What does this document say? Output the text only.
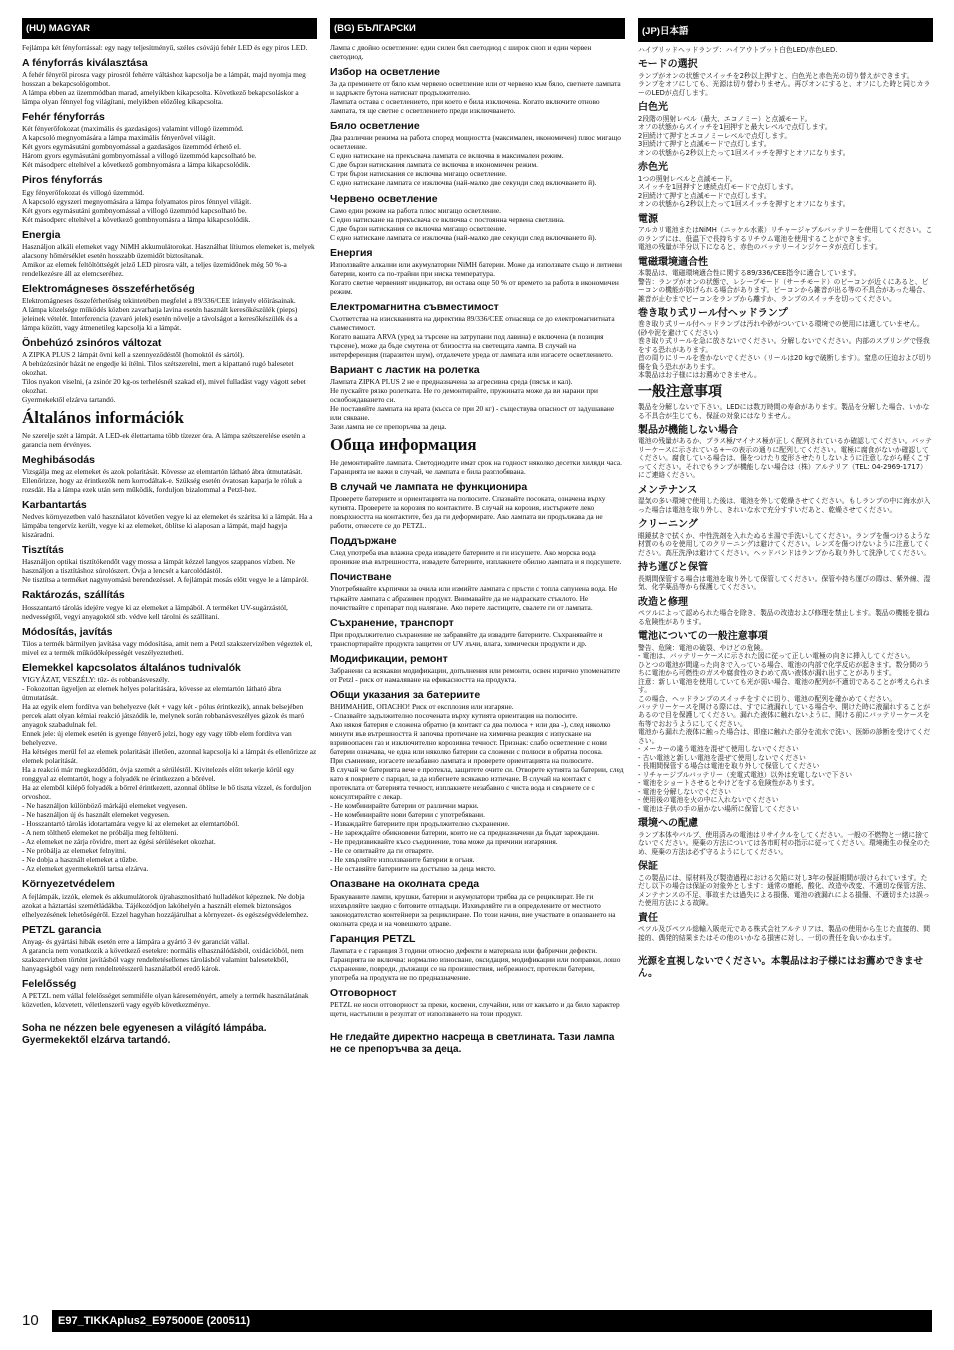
(HU) MAGYAR

Fejlámpa két fényforrással: egy nagy teljesítményű, széles csóvájú fehér LED és egy piros LED.

A fényforrás kiválasztása

A fehér fényről pirosra vagy pirosról fehérre váltáshoz kapcsolja be a lámpát, majd nyomja meg hosszan a bekapcsológombot.
A lámpa ebben az üzemmódban marad, amelyikben kikapcsolta. Következő bekapcsoláskor a lámpa olyan fénnyel fog világítani, melyikben előzőleg kikapcsolta.

Fehér fényforrás

Két fényerőfokozat (maximális és gazdaságos) valamint villogó üzemmód.
A kapcsoló megnyomására a lámpa maximális fényerővel világít.
Két gyors egymásutáni gombnyomással a gazdaságos üzemmód érhető el.
Három gyors egymásutáni gombnyomással a villogó üzemmód kapcsolható be.
Két másodperc elteltével a következő gombnyomásra a lámpa kikapcsolódik.

Piros fényforrás

Egy fényerőfokozat és villogó üzemmód.
A kapcsoló egyszeri megnyomására a lámpa folyamatos piros fénnyel világít.
Két gyors egymásutáni gombnyomással a villogó üzemmód kapcsolható be.
Két másodperc elteltével a következő gombnyomásra a lámpa kikapcsolódik.

Energia

Használjon alkáli elemeket vagy NiMH akkumulátorokat. Használhat lítiumos elemeket is, melyek alacsony hőmérséklet esetén hosszabb üzemidőt biztosítanak.
Amikor az elemek feltöltöttségét jelző LED pirosra vált, a teljes üzemidőnek még 50 %-a rendelkezésre áll az elemcseréhez.

Elektromágneses összeférhetőség

Elektromágneses összeférhetőség tekintetében megfelel a 89/336/CEE irányelv előírásainak.
A lámpa közelsége működés közben zavarhatja lavina esetén használt keresőkészülék (pieps) jeleinek vételét. Interferencia (zavaró jelek) esetén növelje a távolságot a keresőkészülék és a lámpa között, vagy átmenetileg kapcsolja ki a lámpát.

Önbehúzó zsinóros változat

A ZIPKA PLUS 2 lámpát ővni kell a szennyeződéstől (homoktól és sártól).
A behúzózsinór házát ne engedje ki ítélni. Tilos szétszerelni, mert a kipattanó rugó balesetet okozhat.
Tilos nyakon viselni, (a zsinór 20 kg-os terhelésnél szakad el), mivel fulladást vagy vágott sebet okozhat.
Gyermekektől elzárva tartandó.

Általános információk

Ne szerelje szét a lámpát. A LED-ek élettartama több tízezer óra. A lámpa szétszerelése esetén a garancia nem érvényes.

Meghibásodás

Vizsgálja meg az elemeket és azok polaritását. Kövesse az elemtartón látható ábra útmutatását. Ellenőrizze, hogy az érintkezők nem korrodáltak-e. Szükség esetén óvatosan kaparja le róluk a rozsdát. Ha a lámpa ezek után sem működik, forduljon bizalommal a Petzl-hez.

Karbantartás

Nedves környezetben való használatot követően vegye ki az elemeket és szárítsa ki a lámpát. Ha a lámpába tengervíz került, vegye ki az elemeket, öblítse ki alaposan a lámpát, majd hagyja kiszáradni.

Tisztítás

Használjon optikai tisztítókendőt vagy mossa a lámpát kézzel langyos szappanos vízben. Ne használjon a tisztításhoz súrolószert. Óvja a lencsét a karcolódástól.
Ne tisztítsa a terméket nagynyomású berendezéssel. A fejlámpát mosás előtt vegye le a lámpáról.

Raktározás, szállítás

Hosszantartó tárolás idejére vegye ki az elemeket a lámpából. A terméket UV-sugárzástól, nedvességtől, vegyi anyagoktól stb. védve kell tárolni és szállítani.

Módosítás, javítás

Tilos a termék bármilyen javítása vagy módosítása, amit nem a Petzl szakszervizében végeztek el, mivel ez a termék működőképességét veszélyeztetheti.

Elemekkel kapcsolatos általános tudnivalók

VIGYÁZAT, VESZÉLY: tűz- és robbanásveszély.
- Fokozottan ügyeljen az elemek helyes polaritására, kövesse az elemtartón látható ábra útmutatását.
Ha az egyik elem fordítva van behelyezve (két + vagy két - pólus érintkezik), annak belsejében percek alatt olyan kémiai reakció játszódik le, melynek során robbanásveszélyes gázok és maró anyagok szabadulnak fel.
Ennek jele: új elemek esetén is gyenge fényerő jelzi, hogy egy vagy több elem fordítva van behelyezve.
Ha kétséges merül fel az elemek polaritását illetően, azonnal kapcsolja ki a lámpát és ellenőrizze az elemek polaritását.
Ha a reakció már megkezdődött, óvja szemét a sérüléstől. Kivitelezés előtt tekerje körül egy ronggyal az elemtartót, hogy a folyadék ne érintkezzen a bőrével.
Ha az elemből kilépő folyadék a bőrrel érintkezett, azonnal öblítse le bő tiszta vízzel, és forduljon orvoshoz.
- Ne használjon különböző márkájú elemeket vegyesen.
- Ne használjon új és használt elemeket vegyesen.
- Hosszantartó tárolás idotartamára vegye ki az elemeket az elemtartóból.
- A nem tölthető elemeket ne próbálja meg feltölteni.
- Az elemeket ne zárja rövidre, mert az égési sérüléseket okozhat.
- Ne próbálja az elemeket felnyitni.
- Ne dobja a használt elemeket a tűzbe.
- Az elemeket gyermekektől tartsa elzárva.

Környezetvédelem

A fejlámpák, izzók, elemek és akkumulátorok újrahasznosítható hulladékot képeznek. Ne dobja azokat a háztartási szemétládákba. Tájékozódjon lakóhelyén a használt elemek biztonságos elhelyezésének lehetőségéről. Ezzel hagyhan hozzájárulhat a környezet- és egészségvédelemhez.

PETZL garancia

Anyag- és gyártási hibák esetén erre a lámpára a gyártó 3 év garanciát vállal.
A garancia nem vonatkozik a következő esetekre: normális elhasználódásból, oxidációból, nem szakszervizben történt javításból vagy rendeltetésellenes tárolásból valamint balesetekből, hanyagságból vagy nem rendeltetésszerű használatból eredő károk.

Felelősség

A PETZL nem vállal felelősséget semmiféle olyan káreseményért, amely a termék használatának közvetlen, közvetett, véletlenszerű vagy egyéb következménye.

Soha ne nézzen bele egyenesen a világító lámpába. Gyermekektől elzárva tartandó.
(BG) БЪЛГАРСКИ

Лампа с двойно осветление: един силен бял светодиод с широк сноп и един червен светодиод.

Избор на осветление

За да преминете от бяло към червено осветление или от червено към бяло, светнете лампата и задръжте бутона натиснат продължително.
Лампата остава с осветлението, при което е била изключена. Когато включите отново лампата, тя ще светне с осветлението преди изключването.

Бяло осветление

Два различни режима на работа според мощността (максимален, икономичен) плюс мигащо осветление.
С едно натискане на прекъсвача лампата се включва в максимален режим.
С две бързи натискания лампата се включва в икономичен режим.
С три бързи натискания се включва мигащо осветление.
С едно натискане лампата се изключва (най-малко две секунди след включването й).

Червено осветление

Само един режим на работа плюс мигащо осветление.
С едно натискане на прекъсвача се включва с постоянна червена светлина.
С две бързи натискания се включва мигащо осветление.
С едно натискане лампата се изключва (най-малко две секунди след включването й).

Енергия

Използвайте алкални или акумулаторни NiMH батерии. Може да използвате също и литиеви батерии, които са по-трайни при ниска температура.
Когато светне червеният индикатор, ви остава още 50 % от времето за работа в икономичен режим.

Електромагнитна съвместимост

Съответства на изискванията на директива 89/336/CEE отнасяща се до електромагнитната съвместимост.
Когато вашата ARVA (уред за търсене на затрупани под лавина) е включена (в позиция търсене), може да бъде смутена от близостта на светещата лампа. В случай на интерференция (паразитен шум), отдалечете уреда от лампата или изгасете осветлението.

Вариант с ластик на ролетка

Лампата ZIPKA PLUS 2 не е предназначена за агресивна среда (пясък и кал).
Не пускайте рязко ролетката. Не го демонтирайте, пружината може да ви нарани при освобождаването си.
Не поставяйте лампата на врата (късса се при 20 кг) - съществува опасност от задушаване или сякване.
Зази лампа не се препоръчва за деца.

Обща информация

Не демонтирайте лампата. Светодиодите имат срок на годност няколко десетки хиляди часа. Гаранцията не важи в случай, че лампата е била разглобявана.

В случай че лампата не функционира

Проверете батериите и ориентацията на полюсите. Спазвайте посоката, означена върху кутията. Проверете за корозия по контактите. В случай на корозия, изстържете леко повърхността на контактите, без да ги деформирате. Ако лампата ви продължава да не работи, отнесете се до PETZL.

Поддържане

След употреба във влажна среда извадете батериите и ги изсушете. Ако морска вода проникне във вътрешността, извадете батериите, изплакнете обилно лампата и я подсушете.

Почистване

Употребявайте кърпички за очила или измийте лампата с пръсти с топла сапунена вода. Не търкайте лампата с абразивен продукт. Внимавайте да не надраскате стъклото. Не почиствайте с препарат под налягане. Ако перете ластиците, свалете ги от лампата.

Съхранение, транспорт

При продължително съхранение не забравяйте да извадите батериите. Съхранявайте и транспортирайте продукта защитен от UV лъчи, влага, химически продукти и др.

Модификации, ремонт

Забранени са всякакви модификации, допълнения или ремонти, освен изрично упоменатите от Petzl - риск от намаляване на ефикасността на продукта.

Общи указания за батериите

ВНИМАНИЕ, ОПАСНО! Риск от експлозия или изгаряне.
- Спазвайте задължително посочената върху кутията ориентация на полюсите.
Ако някоя батерия е сложена обратно (в контакт са два полюса + или два -), след няколко минути във вътрешността й започва протичане на химична реакция с изпускане на взривоопасен газ и изключително корозивна течност. Признак: слабо осветление с нови батерии означава, че една или няколко батерии са сложени с полюси в обратна посока.
При съмнение, изгасете незабавно лампата и проверете ориентацията на полюсите.
В случай че батерията вече е протекла, защитете очите си. Отворете кутията за батерии, след като я покриете с парцал, за да избегнете всякакво изтичане. В случай на контакт с протеклата от батерията течност, изплакнете незабавно с чиста вода и свържете се с консултирайте с лекар.
- Не комбинирайте батерии от различни марки.
- Не комбинирайте нови батерии с употребявани.
- Изваждайте батериите при продължително съхранение.
- Не зареждайте обикновени батерии, които не са предназначени да бъдат зареждани.
- Не предизвиквайте късо съединение, това може да причини изгаряния.
- Не се опитвайте да ги отваряте.
- Не хвърляйте използваните батерии в огъня.
- Не оставяйте батериите на достъпно за деца място.

Опазване на околната среда

Бракуваните лампи, крушки, батерии и акумулатори трябва да се рециклират. Не ги изхвърляйте заедно с битовите отпадъци. Изхвърляйте ги в определените от местното законодателство контейнери за рециклиране. По този начин, вие участвате в опазването на околната среда и на човешкото здраве.

Гаранция PETZL

Лампата е с гаранция 3 години относно дефекти в материала или фабрични дефекти. Гаранцията не включва: нормално износване, оксидация, модификации или поправки, лошо съхранение, повреди, дължащи се на произшествия, небрежност, протекли батерии, употреба на продукта не по предназначение.

Отговорност

PETZL не носи отговорност за преки, косвени, случайни, или от какъвто и да било характер щети, настъпили в резултат от използването на този продукт.

Не гледайте директно насреща в светлината. Тази лампа не се препоръчва за деца.
(JP)日本語

ハイブリッドヘッドランプ：ハイアウトプット白色LED/赤色LED.

モードの選択

ランプがオンの状態でスイッチを2秒以上押すと、白色光と赤色光の切り替えができます。
ランプをオフにしても、光源は切り替わりません。再びオンにすると、オフにした時と同じカラーのLEDが点灯します。

白色光

2段階の照射レベル（最大、エコノミー）と点滅モード。
オフの状態からスイッチを1回押すと最大レベルで点灯します。
2回続けて押すとエコノミーレベルで点灯します。
3回続けて押すと点滅モードで点灯します。
オンの状態から2秒以上たって1回スイッチを押すとオフになります。

赤色光

1つの照射レベルと点滅モード。
スイッチを1回押すと連続点灯モードで点灯します。
2回続けて押すと点滅モードで点灯します。
オンの状態から2秒以上たって1回スイッチを押すとオフになります。

電源

アルカリ電池またはNiMH（ニッケル水素）リチャージャブルバッテリーを使用してください。このランプには、低温下で長持ちするリチウム電池を使用することができます。
電池の残量が半分以下になると、赤色のバッテリーインジケータが点灯します。

電磁環境適合性

本製品は、電磁環境適合性に関する89/336/CEE指令に適合しています。
警告：ランプがオンの状態で、レシーブモード（サーチモード）のビーコンが近くにあると、ビーコンの機能が妨げられる場合があります。ビーコンから雑音が出る等の不具合があった場合、雑音が止むまでビーコンをランプから離すか、ランプのスイッチを切ってください。

巻き取り式リール付ヘッドランプ

巻き取り式リール付ヘッドランプは汚れや砂がついている環境での使用には適していません。(砂や泥を避けてください)
巻き取り式リールを急に放さないでください。分解しないでください。内部のスプリングで怪我をする恐れがあります。
首の周りにリールを巻かないでください（リールは20 kgで破断します）。窒息の圧迫および切り傷を負う恐れがあります。
本製品はお子様にはお薦めできません。

一般注意事項

製品を分解しないで下さい。LEDには数万時間の寿命があります。製品を分解した場合、いかなる不具合が生じても、保証の対象にはなりません。

製品が機能しない場合

電池の残量があるか、プラス極/マイナス極が正しく配列されているか確認してください。バッテリーケースに示されている+ーの表示の通りに配列してください。電極に腐食がないか確認してください。腐食している場合は、傷をつけたり変形させたりしないように注意しながら軽くこすってください。それでもランプが機能しない場合は（株）アルテリア（TEL: 04-2969-1717）にご連絡ください。

メンテナンス

湿気の多い環境で使用した後は、電池を外して乾燥させてください。もしランプの中に海水が入った場合は電池を取り外し、きれいな水で充分すすいだあと、乾燥させてください。

クリーニング

眼鏡拭きで拭くか、中性洗剤を入れたぬるま湯で手洗いしてください。ランプを傷つけるような材質のものを使用してのクリーニングは避けてください。レンズを傷つけないように注意してください。高圧洗浄は避けてください。ヘッドバンドはランプから取り外して洗浄してください。

持ち運びと保管

長期間保管する場合は電池を取り外して保管してください。保管や持ち運びの際は、紫外線、湿気、化学薬品等から保護してください。

改造と修理

ペツルによって認められた場合を除き、製品の改造および修理を禁止します。製品の機能を損ねる危険性があります。

電池についての一般注意事項

警告、危険：電池の破裂、やけどの危険。
- 電池は、バッテリーケースに示された図に従って正しい電極の向きに挿入してください。
ひとつの電池が間違った向きで入っている場合、電池の内部で化学反応が起きます。数分間のうちに電池から可燃性のガスや腐食性のきわめて高い液体が漏れ出すことがあります。
注意：新しい電池を使用していても光が弱い場合、電池の配列が不適切であることが考えられます。
この場合、ヘッドランプのスイッチをすぐに切り、電池の配列を確かめてください。
バッテリーケースを開ける際には、すでに液漏れしている場合や、開けた時に液漏れすることがあるので目を保護してください。漏れた液体に触れないように、開ける前にバッテリーケースを布等でおおうようにしてください。
電池から漏れた液体に触った場合は、即座に触れた部分を流水で洗い、医師の診断を受けてください。
- メーカーの違う電池を混ぜて使用しないでください
- 古い電池と新しい電池を混ぜて使用しないでください
- 長期間保管する場合は電池を取り外して保管してください
- リチャージブルバッテリー（充電式電池）以外は充電しないで下さい
- 電池をショートさせるとやけどをする危険性があります。
- 電池を分解しないでください
- 使用後の電池を火の中に入れないでください
- 電池は子供の手の届かない場所に保管してください

環境への配慮

ランプ本体やバルブ、使用済みの電池はリサイクルをしてください。一般の不燃物と一緒に捨てないでください。廃棄の方法については各市町村の指示に従ってください。環境衛生の保全のため、廃棄の方法は必ず守るようにしてください。

保証

この製品には、原材料及び製造過程における欠陥に対し3年の保証期間が設けられています。ただし以下の場合は保証の対象外とします：通常の磨耗、酸化、改造や改変、不適切な保管方法、メンテナンスの不足、事故または過失による損傷、電池の液漏れによる損傷、不適切または誤った使用方法による故障。

責任

ペツル及びペツル総輸入販売元である株式会社アルテリアは、製品の使用から生じた直接的、間接的、偶発的結果またはその他のいかなる損害に対し、一切の責任を負いかねます。

光源を直視しないでください。本製品はお子様にはお薦めできません。
10	E97_TIKKAplus2_E975000E (200511)
